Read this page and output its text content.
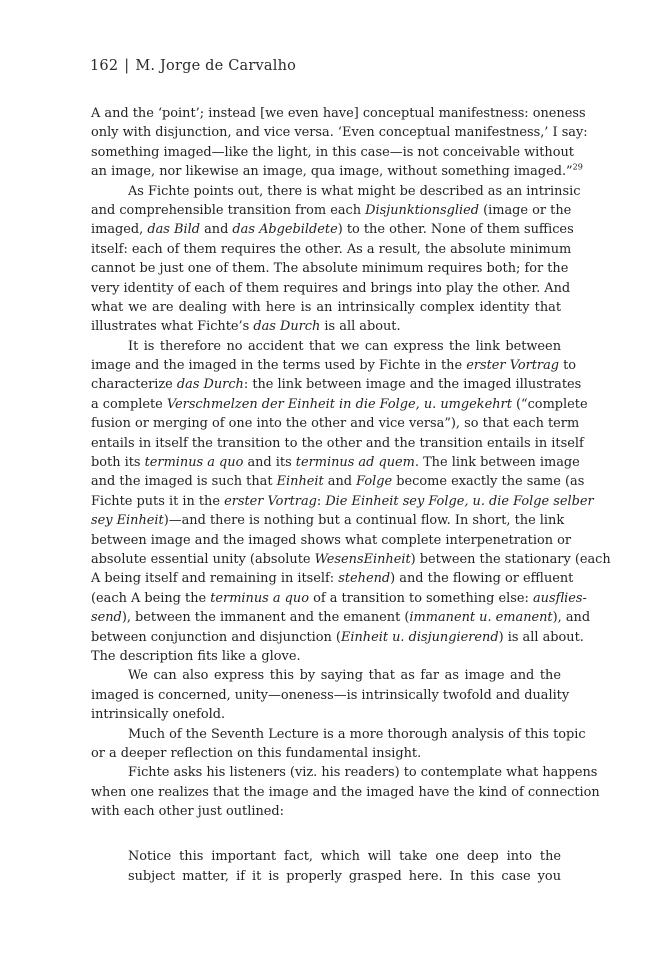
162 | M. Jorge de Carvalho
A and the ‘point’; instead [we even have] conceptual manifestness: oneness
only with disjunction, and vice versa. ‘Even conceptual manifestness,’ I say:
something imaged—like the light, in this case—is not conceivable without
an image, nor likewise an image, qua image, without something imaged.”$^{29}$
As Fichte points out, there is what might be described as an intrinsic
and comprehensible transition from each Disjunktionsglied (image or the
imaged, das Bild and das Abgebildete) to the other. None of them suffices
itself: each of them requires the other. As a result, the absolute minimum
cannot be just one of them. The absolute minimum requires both; for the
very identity of each of them requires and brings into play the other. And
what we are dealing with here is an intrinsically complex identity that
illustrates what Fichte’s das Durch is all about.
It is therefore no accident that we can express the link between
image and the imaged in the terms used by Fichte in the erster Vortrag to
characterize das Durch: the link between image and the imaged illustrates
a complete Verschmelzen der Einheit in die Folge, u. umgekehrt (“complete
fusion or merging of one into the other and vice versa”), so that each term
entails in itself the transition to the other and the transition entails in itself
both its terminus a quo and its terminus ad quem. The link between image
and the imaged is such that Einheit and Folge become exactly the same (as
Fichte puts it in the erster Vortrag: Die Einheit sey Folge, u. die Folge selber
sey Einheit)—and there is nothing but a continual flow. In short, the link
between image and the imaged shows what complete interpenetration or
absolute essential unity (absolute WesensEinheit) between the stationary (each
A being itself and remaining in itself: stehend) and the flowing or effluent
(each A being the terminus a quo of a transition to something else: ausflies-
send), between the immanent and the emanent (immanent u. emanent), and
between conjunction and disjunction (Einheit u. disjungierend) is all about.
The description fits like a glove.
We can also express this by saying that as far as image and the
imaged is concerned, unity—oneness—is intrinsically twofold and duality
intrinsically onefold.
Much of the Seventh Lecture is a more thorough analysis of this topic
or a deeper reflection on this fundamental insight.
Fichte asks his listeners (viz. his readers) to contemplate what happens
when one realizes that the image and the imaged have the kind of connection
with each other just outlined:
Notice this important fact, which will take one deep into the
subject matter, if it is properly grasped here. In this case you
